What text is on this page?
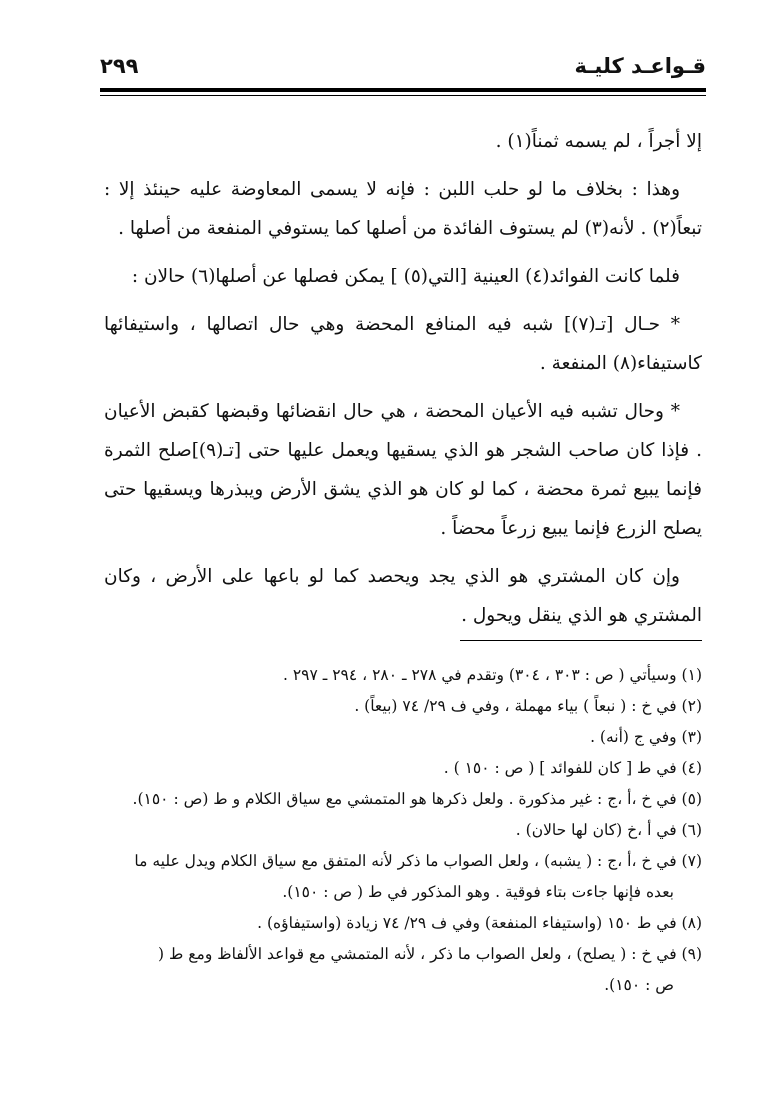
قـواعـد كليـة
٢٩٩

إلا أجراً ، لم يسمه ثمناً(١) .

وهذا : بخلاف ما لو حلب اللبن : فإنه لا يسمى المعاوضة عليه حينئذ إلا : تبعاً(٢) . لأنه(٣) لم يستوف الفائدة من أصلها كما يستوفي المنفعة من أصلها .

فلما كانت الفوائد(٤) العينية [التي(٥) ] يمكن فصلها عن أصلها(٦) حالان :

* حـال [تـ(٧)] شبه فيه المنافع المحضة وهي حال اتصالها ، واستيفائها كاستيفاء(٨) المنفعة .

* وحال تشبه فيه الأعيان المحضة ، هي حال انقضائها وقبضها كقبض الأعيان . فإذا كان صاحب الشجر هو الذي يسقيها ويعمل عليها حتى [تـ(٩)]صلح الثمرة فإنما يبيع ثمرة محضة ، كما لو كان هو الذي يشق الأرض ويبذرها ويسقيها حتى يصلح الزرع فإنما يبيع زرعاً محضاً .

وإن كان المشتري هو الذي يجد ويحصد كما لو باعها على الأرض ، وكان المشتري هو الذي ينقل ويحول .

(١) وسيأتي ( ص : ٣٠٣ ، ٣٠٤) وتقدم في ٢٧٨ ـ ٢٨٠ ، ٢٩٤ ـ ٢٩٧ .

(٢) في خ : ( نبعاً ) بياء مهملة ، وفي ف ٢٩/ ٧٤ (بيعاً) .

(٣) وفي ج (أنه) .

(٤) في ط [ كان للفوائد ] ( ص : ١٥٠ ) .

(٥) في خ ،أ ،ج : غير مذكورة . ولعل ذكرها هو المتمشي مع سياق الكلام و ط (ص : ١٥٠).

(٦) في أ ،خ (كان لها حالان) .

(٧) في خ ،أ ،ج : ( يشبه) ، ولعل الصواب ما ذكر لأنه المتفق مع سياق الكلام ويدل عليه ما

بعده فإنها جاءت بتاء فوقية . وهو المذكور في ط ( ص : ١٥٠).

(٨) في ط ١٥٠ (واستيفاء المنفعة) وفي ف ٢٩/ ٧٤ زيادة (واستيفاؤه) .

(٩) في خ : ( يصلح) ، ولعل الصواب ما ذكر ، لأنه المتمشي مع قواعد الألفاظ ومع ط (

ص : ١٥٠).
